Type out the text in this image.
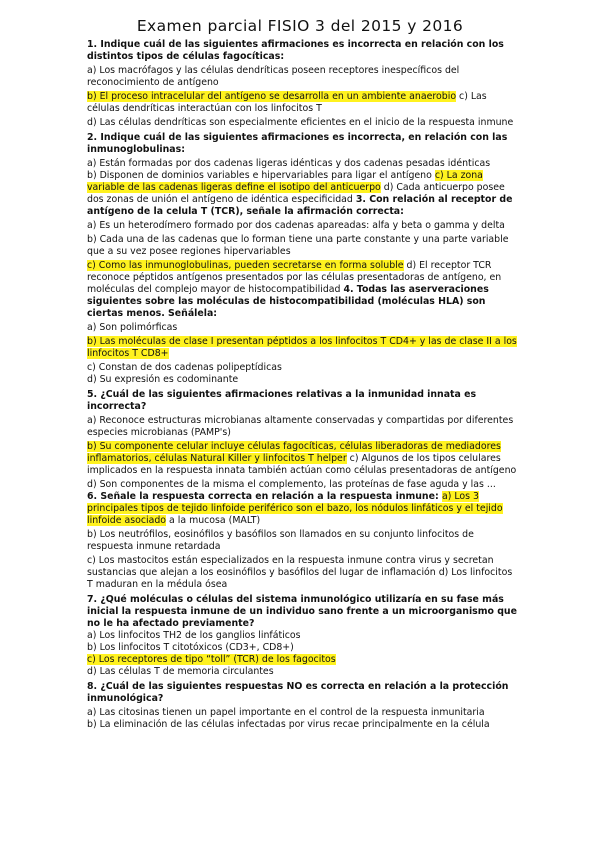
Examen parcial FISIO 3 del 2015 y 2016
1. Indique cuál de las siguientes afirmaciones es incorrecta en relación con los distintos tipos de células fagocíticas:
a) Los macrófagos y las células dendríticas poseen receptores inespecíficos del reconocimiento de antígeno
b) El proceso intracelular del antígeno se desarrolla en un ambiente anaerobio c) Las células dendríticas interactúan con los linfocitos T
d) Las células dendríticas son especialmente eficientes en el inicio de la respuesta inmune
2. Indique cuál de las siguientes afirmaciones es incorrecta, en relación con las inmunoglobulinas:
a) Están formadas por dos cadenas ligeras idénticas y dos cadenas pesadas idénticas
b) Disponen de dominios variables e hipervariables para ligar el antígeno c) La zona variable de las cadenas ligeras define el isotipo del anticuerpo d) Cada anticuerpo posee dos zonas de unión el antígeno de idéntica especificidad 3. Con relación al receptor de antígeno de la celula T (TCR), señale la afirmación correcta:
a) Es un heterodímero formado por dos cadenas apareadas: alfa y beta o gamma y delta
b) Cada una de las cadenas que lo forman tiene una parte constante y una parte variable que a su vez posee regiones hipervariables
c) Como las inmunoglobulinas, pueden secretarse en forma soluble d) El receptor TCR reconoce péptidos antígenos presentados por las células presentadoras de antígeno, en moléculas del complejo mayor de histocompatibilidad 4. Todas las aserveraciones siguientes sobre las moléculas de histocompatibilidad (moléculas HLA) son ciertas menos. Señálela:
a) Son polimórficas
b) Las moléculas de clase I presentan péptidos a los linfocitos T CD4+ y las de clase II a los linfocitos T CD8+
c) Constan de dos cadenas polipeptídicas
d) Su expresión es codominante
5. ¿Cuál de las siguientes afirmaciones relativas a la inmunidad innata es incorrecta?
a) Reconoce estructuras microbianas altamente conservadas y compartidas por diferentes especies microbianas (PAMP's)
b) Su componente celular incluye células fagocíticas, células liberadoras de mediadores inflamatorios, células Natural Killer y linfocitos T helper c) Algunos de los tipos celulares implicados en la respuesta innata también actúan como células presentadoras de antígeno
d) Son componentes de la misma el complemento, las proteínas de fase aguda y las ...
6. Señale la respuesta correcta en relación a la respuesta inmune: a) Los 3 principales tipos de tejido linfoide periférico son el bazo, los nódulos linfáticos y el tejido linfoide asociado a la mucosa (MALT)
b) Los neutrófilos, eosinófilos y basófilos son llamados en su conjunto linfocitos de respuesta inmune retardada
c) Los mastocitos están especializados en la respuesta inmune contra virus y secretan sustancias que alejan a los eosinófilos y basófilos del lugar de inflamación d) Los linfocitos T maduran en la médula ósea
7. ¿Qué moléculas o células del sistema inmunológico utilizaría en su fase más inicial la respuesta inmune de un individuo sano frente a un microorganismo que no le ha afectado previamente?
a) Los linfocitos TH2 de los ganglios linfáticos
b) Los linfocitos T citotóxicos (CD3+, CD8+)
c) Los receptores de tipo “toll” (TCR) de los fagocitos
d) Las células T de memoria circulantes
8. ¿Cuál de las siguientes respuestas NO es correcta en relación a la protección inmunológica?
a) Las citosinas tienen un papel importante en el control de la respuesta inmunitaria
b) La eliminación de las células infectadas por virus recae principalmente en la célula
